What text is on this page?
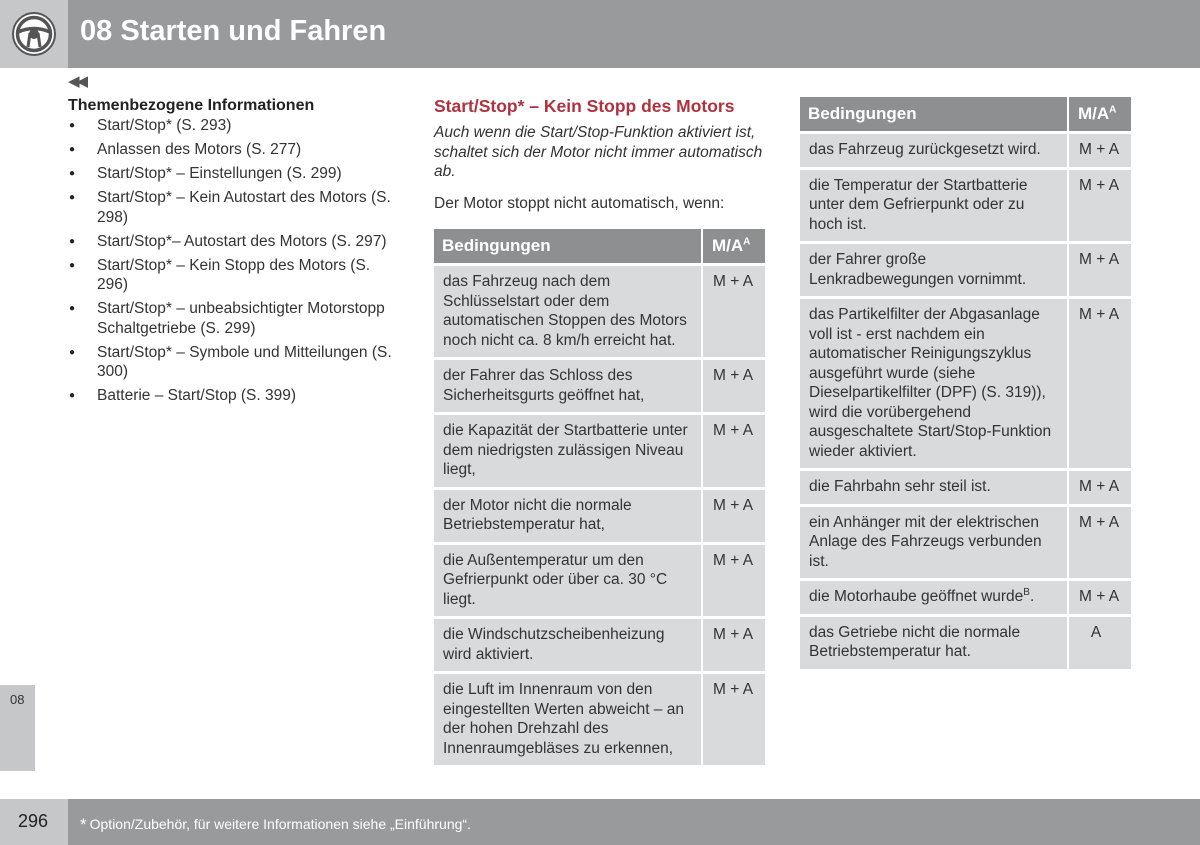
08 Starten und Fahren
◀◀
Themenbezogene Informationen
● Start/Stop* (S. 293)
● Anlassen des Motors (S. 277)
● Start/Stop* – Einstellungen (S. 299)
● Start/Stop* – Kein Autostart des Motors (S. 298)
● Start/Stop*– Autostart des Motors (S. 297)
● Start/Stop* – Kein Stopp des Motors (S. 296)
● Start/Stop* – unbeabsichtigter Motorstopp Schaltgetriebe (S. 299)
● Start/Stop* – Symbole und Mitteilungen (S. 300)
● Batterie – Start/Stop (S. 399)
Start/Stop* – Kein Stopp des Motors

Auch wenn die Start/Stop-Funktion aktiviert ist, schaltet sich der Motor nicht immer automatisch ab.

Der Motor stoppt nicht automatisch, wenn:

Bedingungen	$M/A^A$
das Fahrzeug nach dem Schlüsselstart oder dem automatischen Stoppen des Motors noch nicht ca. 8 km/h erreicht hat.	M + A
der Fahrer das Schloss des Sicherheitsgurts geöffnet hat,	M + A
die Kapazität der Startbatterie unter dem niedrigsten zulässigen Niveau liegt,	M + A
der Motor nicht die normale Betriebstemperatur hat,	M + A
die Außentemperatur um den Gefrierpunkt oder über ca. 30 °C liegt.	M + A
die Windschutzscheibenheizung wird aktiviert.	M + A
die Luft im Innenraum von den eingestellten Werten abweicht – an der hohen Drehzahl des Innenraumgebläses zu erkennen,	M + A
Bedingungen	$M/A^A$
das Fahrzeug zurückgesetzt wird.	M + A
die Temperatur der Startbatterie unter dem Gefrierpunkt oder zu hoch ist.	M + A
der Fahrer große Lenkradbewegungen vornimmt.	M + A
das Partikelfilter der Abgasanlage voll ist - erst nachdem ein automatischer Reinigungszyklus ausgeführt wurde (siehe Dieselpartikelfilter (DPF) (S. 319)), wird die vorübergehend ausgeschaltete Start/Stop-Funktion wieder aktiviert.	M + A
die Fahrbahn sehr steil ist.	M + A
ein Anhänger mit der elektrischen Anlage des Fahrzeugs verbunden ist.	M + A
die Motorhaube geöffnet wurde$^B$.	M + A
das Getriebe nicht die normale Betriebstemperatur hat.	A
08
296 * Option/Zubehör, für weitere Informationen siehe „Einführung“.
